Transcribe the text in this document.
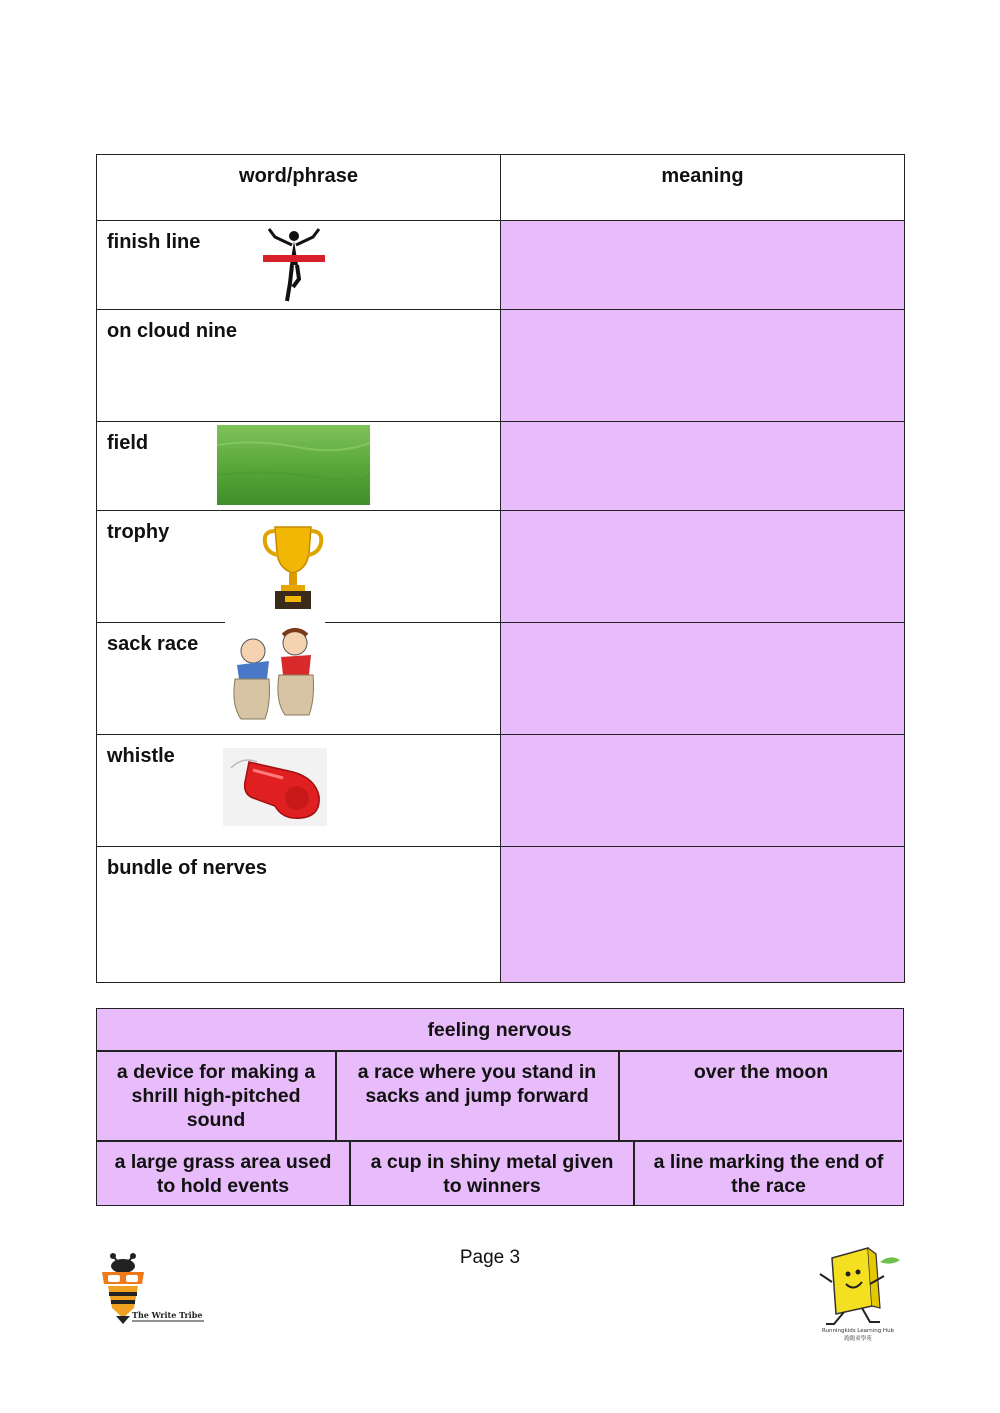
word/phrase	meaning

finish line	

on cloud nine	

field	

trophy	

sack race	

whistle	

bundle of nerves	

feeling nervous
a device for making a shrill high-pitched sound
a race where you stand in sacks and jump forward
over the moon
a large grass area used to hold events
a cup in shiny metal given to winners
a line marking the end of the race
Page 3
The Write Tribe
Runningkids Learning Hub
跑跑童學苑
